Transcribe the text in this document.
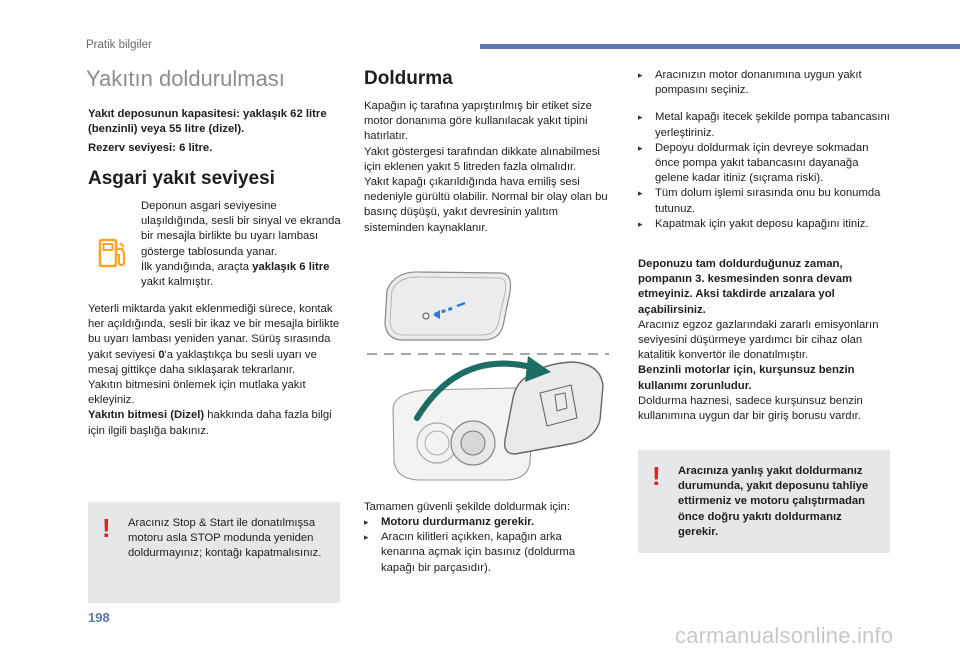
Pratik bilgiler
Yakıtın doldurulması
Yakıt deposunun kapasitesi: yaklaşık 62 litre (benzinli) veya 55 litre (dizel).
Rezerv seviyesi: 6 litre.
Asgari yakıt seviyesi
Deponun asgari seviyesine ulaşıldığında, sesli bir sinyal ve ekranda bir mesajla birlikte bu uyarı lambası gösterge tablosunda yanar.
İlk yandığında, araçta yaklaşık 6 litre yakıt kalmıştır.
Yeterli miktarda yakıt eklenmediği sürece, kontak her açıldığında, sesli bir ikaz ve bir mesajla birlikte bu uyarı lambası yeniden yanar. Sürüş sırasında yakıt seviyesi 0'a yaklaştıkça bu sesli uyarı ve mesaj gittikçe daha sıklaşarak tekrarlanır.
Yakıtın bitmesini önlemek için mutlaka yakıt ekleyiniz.
Yakıtın bitmesi (Dizel) hakkında daha fazla bilgi için ilgili başlığa bakınız.
! Aracınız Stop & Start ile donatılmışsa motoru asla STOP modunda yeniden doldurmayınız; kontağı kapatmalısınız.
Doldurma
Kapağın iç tarafına yapıştırılmış bir etiket size motor donanıma göre kullanılacak yakıt tipini hatırlatır.
Yakıt göstergesi tarafından dikkate alınabilmesi için eklenen yakıt 5 litreden fazla olmalıdır.
Yakıt kapağı çıkarıldığında hava emiliş sesi nedeniyle gürültü olabilir. Normal bir olay olan bu basınç düşüşü, yakıt devresinin yalıtım sisteminden kaynaklanır.
Tamamen güvenli şekilde doldurmak için:
▸ Motoru durdurmanız gerekir.
▸ Aracın kilitleri açıkken, kapağın arka kenarına açmak için basınız (doldurma kapağı bir parçasıdır).
▸ Aracınızın motor donanımına uygun yakıt pompasını seçiniz.
▸ Metal kapağı itecek şekilde pompa tabancasını yerleştiriniz.
▸ Depoyu doldurmak için devreye sokmadan önce pompa yakıt tabancasını dayanağa gelene kadar itiniz (sıçrama riski).
▸ Tüm dolum işlemi sırasında onu bu konumda tutunuz.
▸ Kapatmak için yakıt deposu kapağını itiniz.
Deponuzu tam doldurduğunuz zaman, pompanın 3. kesmesinden sonra devam etmeyiniz. Aksi takdirde arızalara yol açabilirsiniz.
Aracınız egzoz gazlarındaki zararlı emisyonların seviyesini düşürmeye yardımcı bir cihaz olan katalitik konvertör ile donatılmıştır.
Benzinli motorlar için, kurşunsuz benzin kullanımı zorunludur.
Doldurma haznesi, sadece kurşunsuz benzin kullanımına uygun dar bir giriş borusu vardır.
! Aracınıza yanlış yakıt doldurmanız durumunda, yakıt deposunu tahliye ettirmeniz ve motoru çalıştırmadan önce doğru yakıtı doldurmanız gerekir.
198
carmanualsonline.info
